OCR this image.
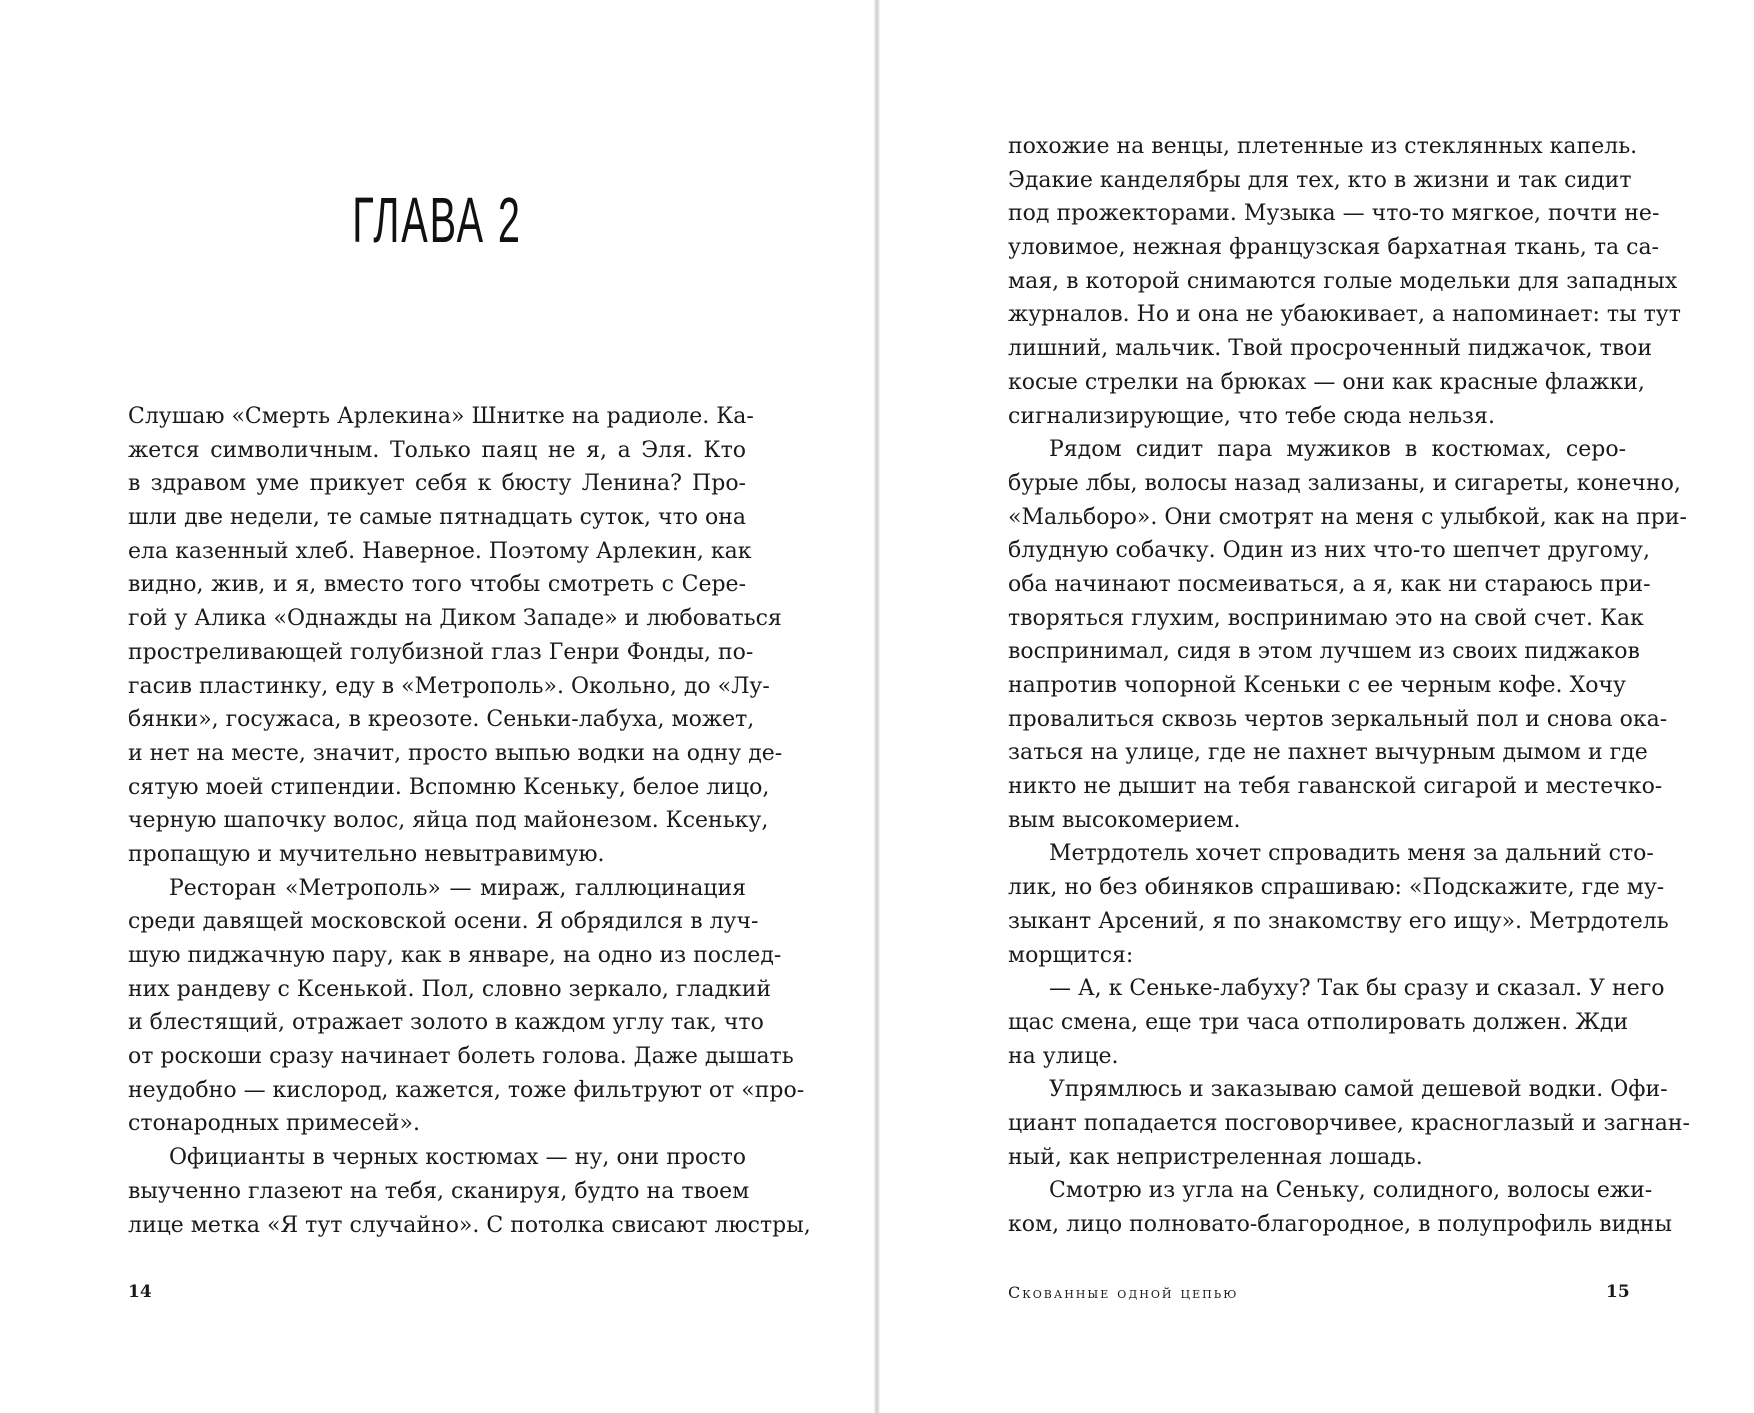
ГЛАВА 2
Слушаю «Смерть Арлекина» Шнитке на радиоле. Ка-
жется символичным. Только паяц не я, а Эля. Кто
в здравом уме прикует себя к бюсту Ленина? Про-
шли две недели, те самые пятнадцать суток, что она
ела казенный хлеб. Наверное. Поэтому Арлекин, как
видно, жив, и я, вместо того чтобы смотреть с Сере-
гой у Алика «Однажды на Диком Западе» и любоваться
простреливающей голубизной глаз Генри Фонды, по-
гасив пластинку, еду в «Метрополь». Окольно, до «Лу-
бянки», госужаса, в креозоте. Сеньки-лабуха, может,
и нет на месте, значит, просто выпью водки на одну де-
сятую моей стипендии. Вспомню Ксеньку, белое лицо,
черную шапочку волос, яйца под майонезом. Ксеньку,
пропащую и мучительно невытравимую.
Ресторан «Метрополь» — мираж, галлюцинация
среди давящей московской осени. Я обрядился в луч-
шую пиджачную пару, как в январе, на одно из послед-
них рандеву с Ксенькой. Пол, словно зеркало, гладкий
и блестящий, отражает золото в каждом углу так, что
от роскоши сразу начинает болеть голова. Даже дышать
неудобно — кислород, кажется, тоже фильтруют от «про-
стонародных примесей».
Официанты в черных костюмах — ну, они просто
выученно глазеют на тебя, сканируя, будто на твоем
лице метка «Я тут случайно». С потолка свисают люстры,
14
похожие на венцы, плетенные из стеклянных капель.
Эдакие канделябры для тех, кто в жизни и так сидит
под прожекторами. Музыка — что-то мягкое, почти не-
уловимое, нежная французская бархатная ткань, та са-
мая, в которой снимаются голые модельки для западных
журналов. Но и она не убаюкивает, а напоминает: ты тут
лишний, мальчик. Твой просроченный пиджачок, твои
косые стрелки на брюках — они как красные флажки,
сигнализирующие, что тебе сюда нельзя.
Рядом сидит пара мужиков в костюмах, серо-
бурые лбы, волосы назад зализаны, и сигареты, конечно,
«Мальборо». Они смотрят на меня с улыбкой, как на при-
блудную собачку. Один из них что-то шепчет другому,
оба начинают посмеиваться, а я, как ни стараюсь при-
творяться глухим, воспринимаю это на свой счет. Как
воспринимал, сидя в этом лучшем из своих пиджаков
напротив чопорной Ксеньки с ее черным кофе. Хочу
провалиться сквозь чертов зеркальный пол и снова ока-
заться на улице, где не пахнет вычурным дымом и где
никто не дышит на тебя гаванской сигарой и местечко-
вым высокомерием.
Метрдотель хочет спровадить меня за дальний сто-
лик, но без обиняков спрашиваю: «Подскажите, где му-
зыкант Арсений, я по знакомству его ищу». Метрдотель
морщится:
— А, к Сеньке-лабуху? Так бы сразу и сказал. У него
щас смена, еще три часа отполировать должен. Жди
на улице.
Упрямлюсь и заказываю самой дешевой водки. Офи-
циант попадается посговорчивее, красноглазый и загнан-
ный, как непристреленная лошадь.
Смотрю из угла на Сеньку, солидного, волосы ежи-
ком, лицо полновато-благородное, в полупрофиль видны
Скованные одной цепью	15
